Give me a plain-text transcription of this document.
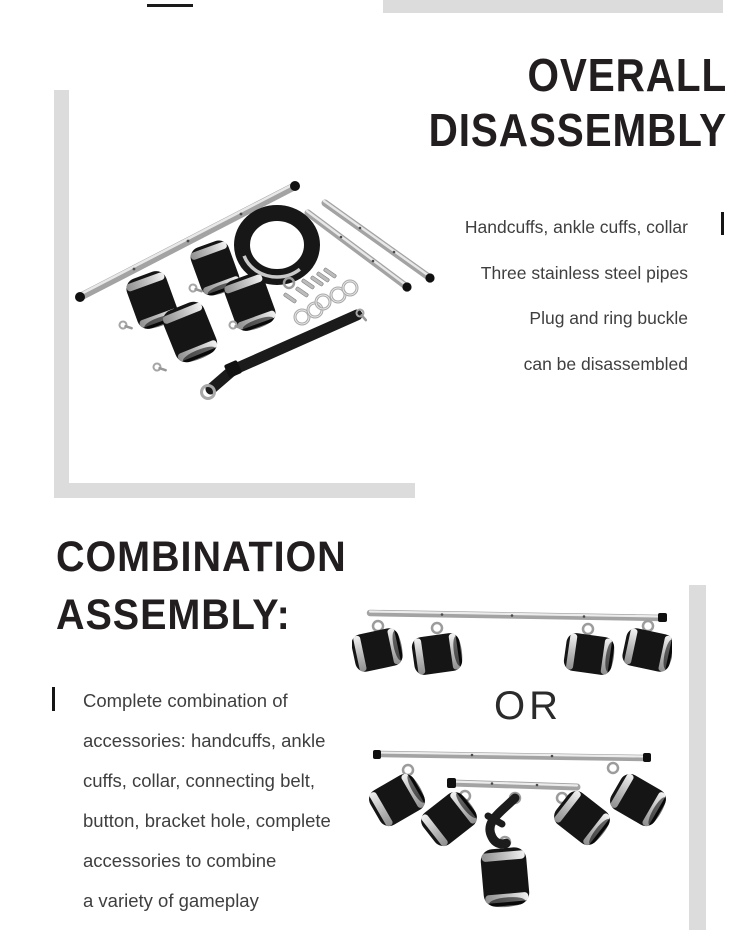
OVERALL
DISASSEMBLY
Handcuffs, ankle cuffs, collar
Three stainless steel pipes
Plug and ring buckle
can be disassembled
COMBINATION
ASSEMBLY:
Complete combination of
accessories: handcuffs, ankle
cuffs, collar, connecting belt,
button, bracket hole, complete
accessories to combine
a variety of gameplay
OR
